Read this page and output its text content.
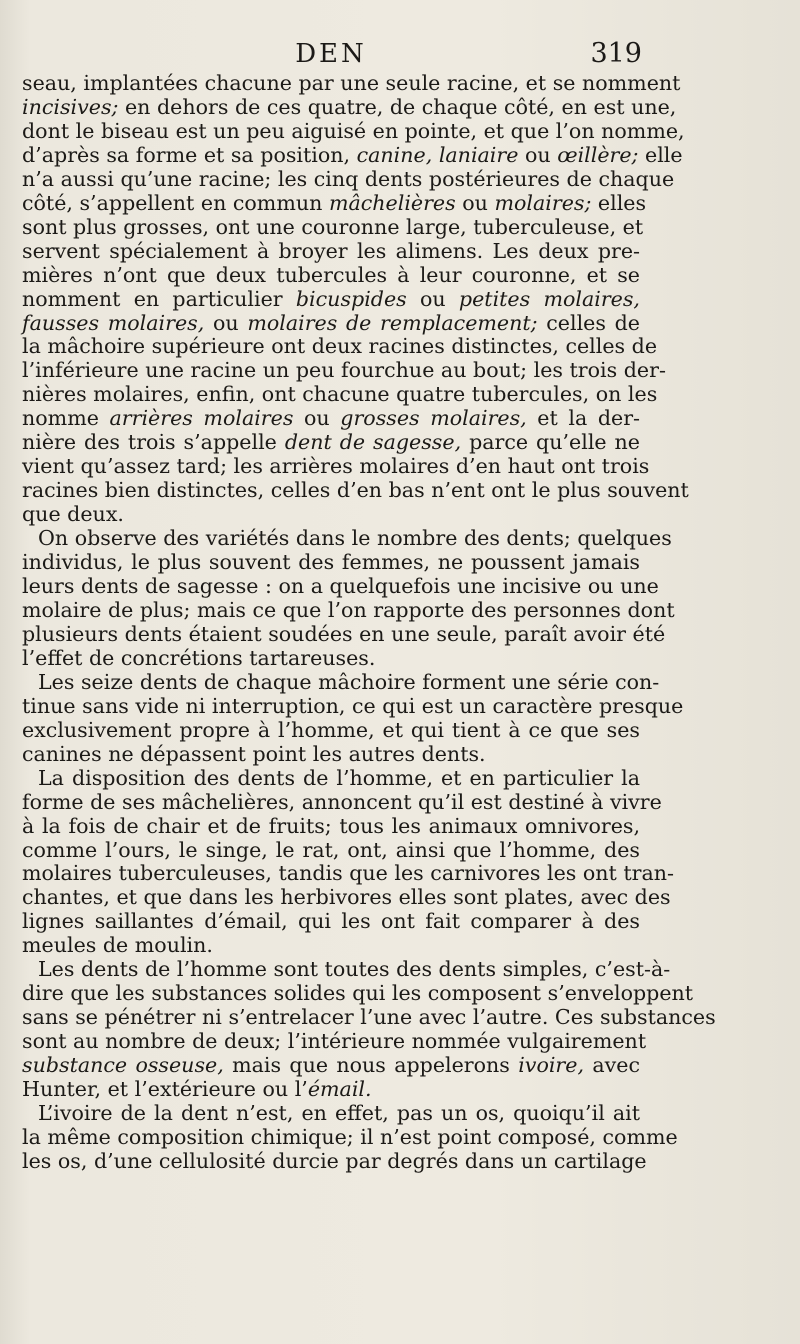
DEN	319
seau, implantées chacune par une seule racine, et se nomment
incisives; en dehors de ces quatre, de chaque côté, en est une,
dont le biseau est un peu aiguisé en pointe, et que l’on nomme,
d’après sa forme et sa position, canine, laniaire ou œillère; elle
n’a aussi qu’une racine; les cinq dents postérieures de chaque
côté, s’appellent en commun mâchelières ou molaires; elles
sont plus grosses, ont une couronne large, tuberculeuse, et
servent spécialement à broyer les alimens. Les deux pre-
mières n’ont que deux tubercules à leur couronne, et se
nomment en particulier bicuspides ou petites molaires,
fausses molaires, ou molaires de remplacement; celles de
la mâchoire supérieure ont deux racines distinctes, celles de
l’inférieure une racine un peu fourchue au bout; les trois der-
nières molaires, enfin, ont chacune quatre tubercules, on les
nomme arrières molaires ou grosses molaires, et la der-
nière des trois s’appelle dent de sagesse, parce qu’elle ne
vient qu’assez tard; les arrières molaires d’en haut ont trois
racines bien distinctes, celles d’en bas n’ent ont le plus souvent
que deux.
On observe des variétés dans le nombre des dents; quelques
individus, le plus souvent des femmes, ne poussent jamais
leurs dents de sagesse : on a quelquefois une incisive ou une
molaire de plus; mais ce que l’on rapporte des personnes dont
plusieurs dents étaient soudées en une seule, paraît avoir été
l’effet de concrétions tartareuses.
Les seize dents de chaque mâchoire forment une série con-
tinue sans vide ni interruption, ce qui est un caractère presque
exclusivement propre à l’homme, et qui tient à ce que ses
canines ne dépassent point les autres dents.
La disposition des dents de l’homme, et en particulier la
forme de ses mâchelières, annoncent qu’il est destiné à vivre
à la fois de chair et de fruits; tous les animaux omnivores,
comme l’ours, le singe, le rat, ont, ainsi que l’homme, des
molaires tuberculeuses, tandis que les carnivores les ont tran-
chantes, et que dans les herbivores elles sont plates, avec des
lignes saillantes d’émail, qui les ont fait comparer à des
meules de moulin.
Les dents de l’homme sont toutes des dents simples, c’est-à-
dire que les substances solides qui les composent s’enveloppent
sans se pénétrer ni s’entrelacer l’une avec l’autre. Ces substances
sont au nombre de deux; l’intérieure nommée vulgairement
substance osseuse, mais que nous appelerons ivoire, avec
Hunter, et l’extérieure ou l’émail.
L’ivoire de la dent n’est, en effet, pas un os, quoiqu’il ait
la même composition chimique; il n’est point composé, comme
les os, d’une cellulosité durcie par degrés dans un cartilage
